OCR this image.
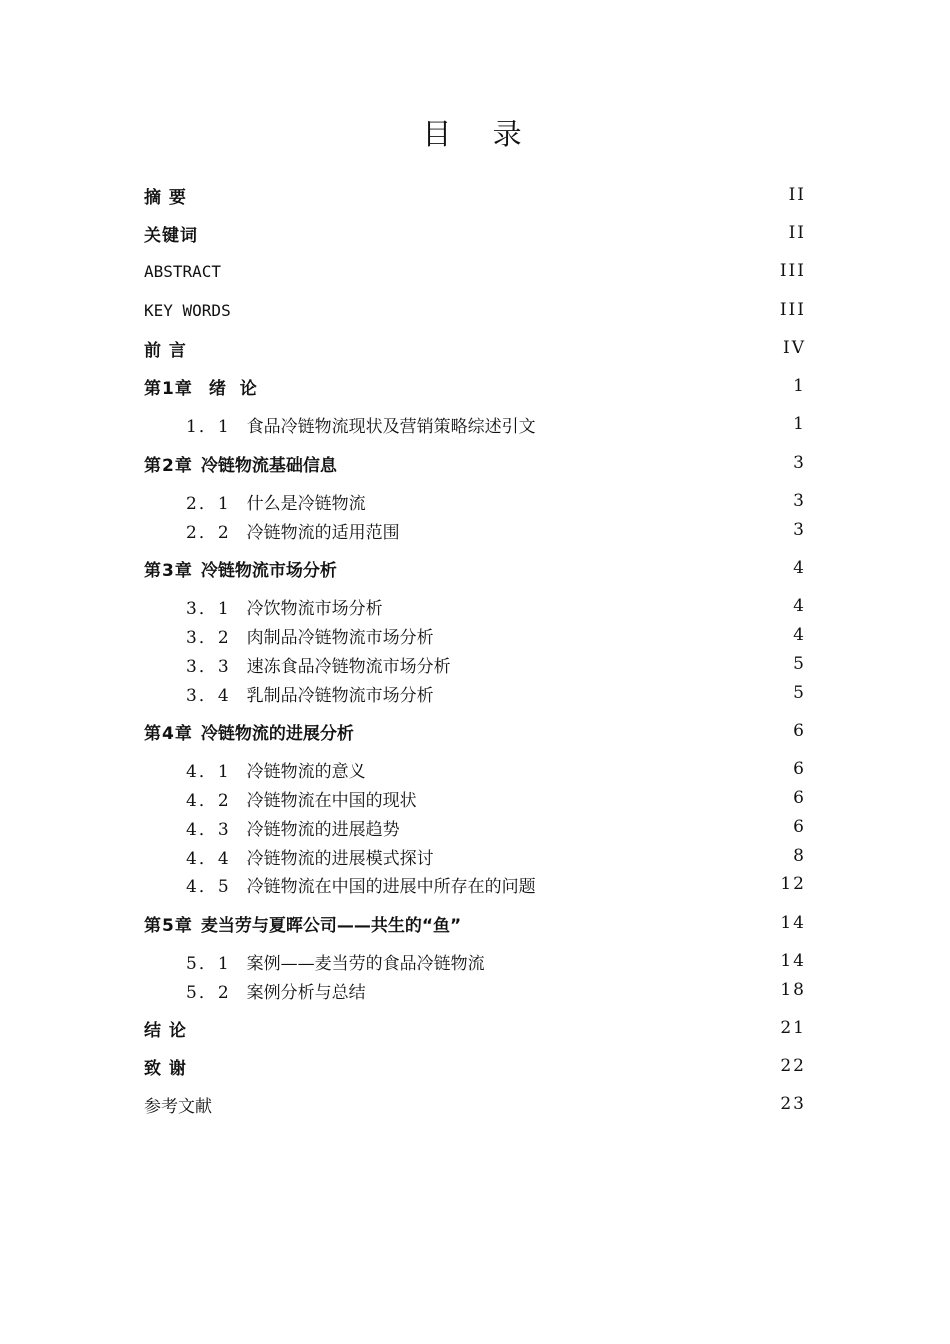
目 录
摘 要	II
关键词	II
ABSTRACT	III
KEY WORDS	III
前 言	IV
第1章 绪 论	1
1．1 食品冷链物流现状及营销策略综述引文	1
第2章 冷链物流基础信息	3
2．1 什么是冷链物流	3
2．2 冷链物流的适用范围	3
第3章 冷链物流市场分析	4
3．1 冷饮物流市场分析	4
3．2 肉制品冷链物流市场分析	4
3．3 速冻食品冷链物流市场分析	5
3．4 乳制品冷链物流市场分析	5
第4章 冷链物流的进展分析	6
4．1 冷链物流的意义	6
4．2 冷链物流在中国的现状	6
4．3 冷链物流的进展趋势	6
4．4 冷链物流的进展模式探讨	8
4．5 冷链物流在中国的进展中所存在的问题	12
第5章 麦当劳与夏晖公司——共生的“鱼”	14
5．1 案例——麦当劳的食品冷链物流	14
5．2 案例分析与总结	18
结 论	21
致 谢	22
参考文献	23
